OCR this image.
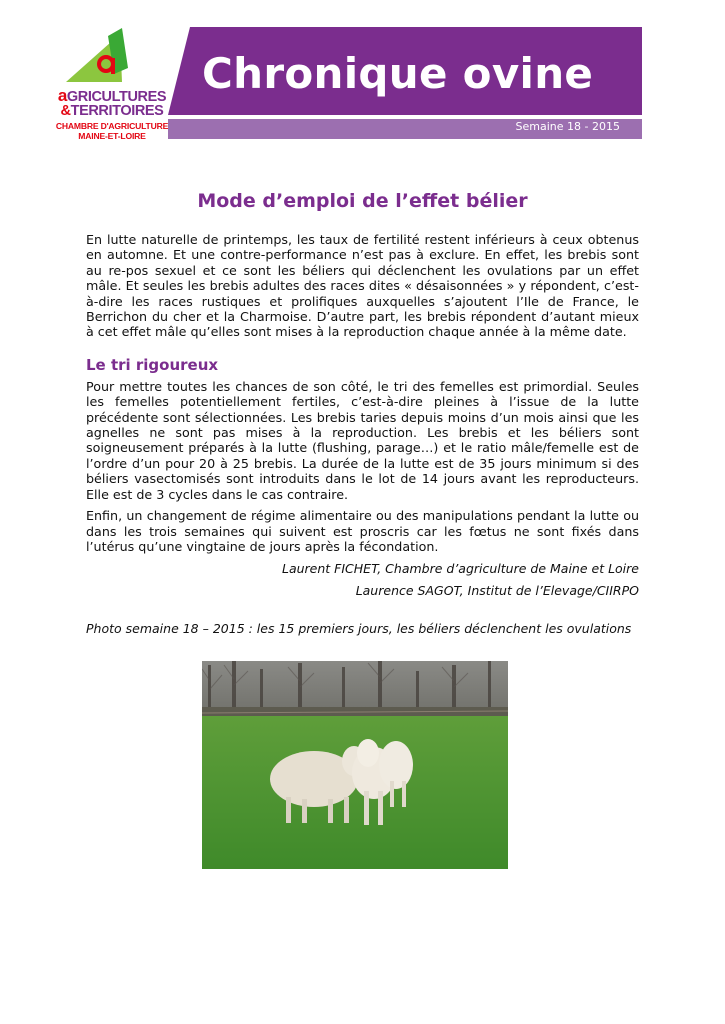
aGRICULTURES
&TERRITOIRES
CHAMBRE D'AGRICULTURE
MAINE-ET-LOIRE
Chronique ovine
Semaine 18 - 2015
Mode d’emploi de l’effet bélier

En lutte naturelle de printemps, les taux de fertilité restent inférieurs à ceux obtenus en automne. Et une contre-performance n’est pas à exclure. En effet, les brebis sont au re-pos sexuel et ce sont les béliers qui déclenchent les ovulations par un effet mâle. Et seules les brebis adultes des races dites « désaisonnées » y répondent, c’est-à-dire les races rustiques et prolifiques auxquelles s’ajoutent l’Ile de France, le Berrichon du cher et la Charmoise. D’autre part, les brebis répondent d’autant mieux à cet effet mâle qu’elles sont mises à la reproduction chaque année à la même date.

Le tri rigoureux

Pour mettre toutes les chances de son côté, le tri des femelles est primordial. Seules les femelles potentiellement fertiles, c’est-à-dire pleines à l’issue de la lutte précédente sont sélectionnées. Les brebis taries depuis moins d’un mois ainsi que les agnelles ne sont pas mises à la reproduction. Les brebis et les béliers sont soigneusement préparés à la lutte (flushing, parage…) et le ratio mâle/femelle est de l’ordre d’un pour 20 à 25 brebis. La durée de la lutte est de 35 jours minimum si des béliers vasectomisés sont introduits dans le lot de 14 jours avant les reproducteurs. Elle est de 3 cycles dans le cas contraire.

Enfin, un changement de régime alimentaire ou des manipulations pendant la lutte ou dans les trois semaines qui suivent est proscris car les fœtus ne sont fixés dans l’utérus qu’une vingtaine de jours après la fécondation.

Laurent FICHET, Chambre d’agriculture de Maine et Loire

Laurence SAGOT, Institut de l’Elevage/CIIRPO

Photo semaine 18 – 2015 : les 15 premiers jours, les béliers déclenchent les ovulations
